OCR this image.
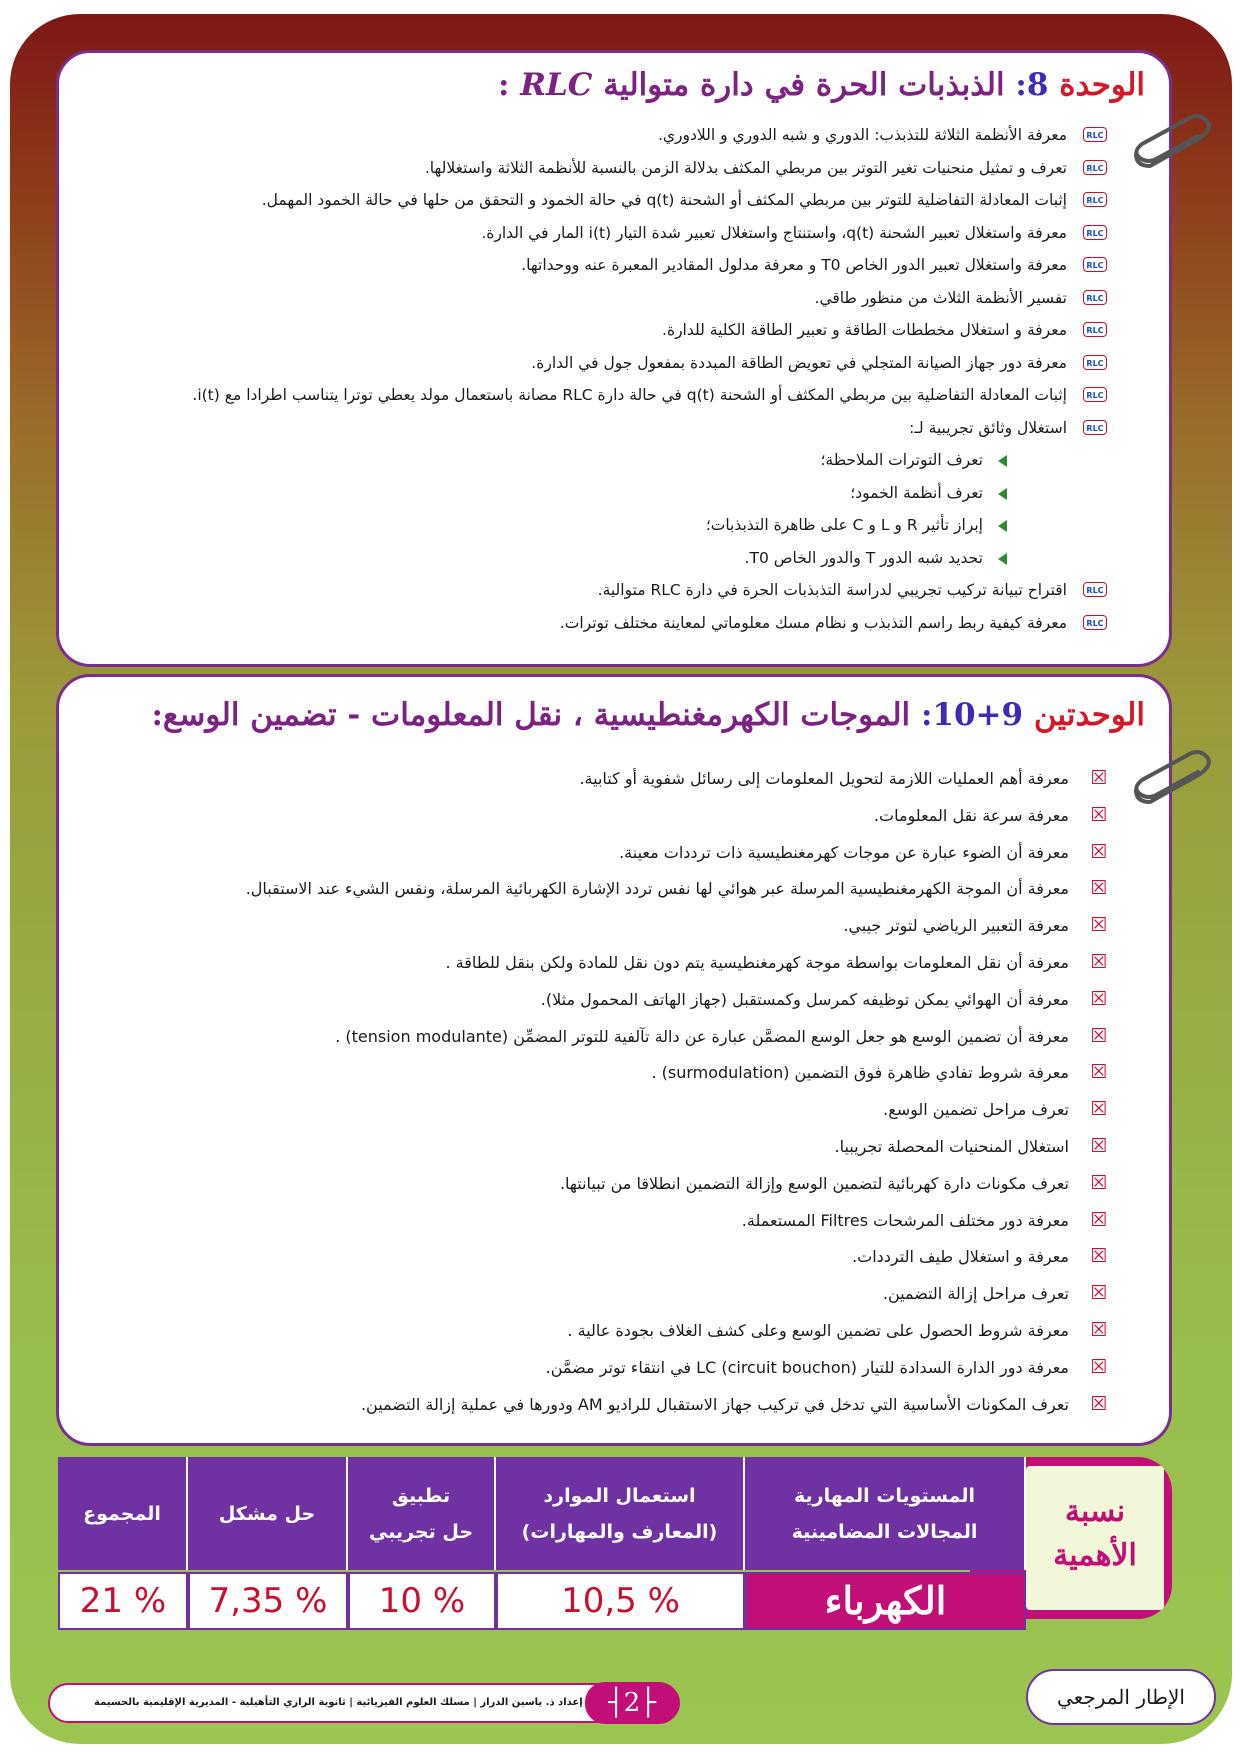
الوحدة 8: الذبذبات الحرة في دارة متوالية RLC :
RLC
معرفة الأنظمة الثلاثة للتذبذب: الدوري و شبه الدوري و اللادوري.
RLC
تعرف و تمثيل منحنيات تغير التوتر بين مربطي المكثف بدلالة الزمن بالنسبة للأنظمة الثلاثة واستغلالها.
RLC
إثبات المعادلة التفاضلية للتوتر بين مربطي المكثف أو الشحنة q(t) في حالة الخمود و التحقق من حلها في حالة الخمود المهمل.
RLC
معرفة واستغلال تعبير الشحنة q(t)، واستنتاج واستغلال تعبير شدة التيار i(t) المار في الدارة.
RLC
معرفة واستغلال تعبير الدور الخاص T0 و معرفة مدلول المقادير المعبرة عنه ووحداتها.
RLC
تفسير الأنظمة الثلاث من منظور طاقي.
RLC
معرفة و استغلال مخططات الطاقة و تعبير الطاقة الكلية للدارة.
RLC
معرفة دور جهاز الصيانة المتجلي في تعويض الطاقة المبددة بمفعول جول في الدارة.
RLC
إثبات المعادلة التفاضلية بين مربطي المكثف أو الشحنة q(t) في حالة دارة RLC مصانة باستعمال مولد يعطي توترا يتناسب اطرادا مع i(t).
RLC
استغلال وثائق تجريبية لـ:
تعرف التوترات الملاحظة؛
تعرف أنظمة الخمود؛
إبراز تأثير R و L و C على ظاهرة التذبذبات؛
تحديد شبه الدور T والدور الخاص T0.
RLC
اقتراح تبيانة تركيب تجريبي لدراسة التذبذبات الحرة في دارة RLC متوالية.
RLC
معرفة كيفية ربط راسم التذبذب و نظام مسك معلوماتي لمعاينة مختلف توترات.
الوحدتين 9+10: الموجات الكهرمغنطيسية ، نقل المعلومات - تضمين الوسع:
☒
معرفة أهم العمليات اللازمة لتحويل المعلومات إلى رسائل شفوية أو كتابية.
☒
معرفة سرعة نقل المعلومات.
☒
معرفة أن الضوء عبارة عن موجات كهرمغنطيسية ذات ترددات معينة.
☒
معرفة أن الموجة الكهرمغنطيسية المرسلة عبر هوائي لها نفس تردد الإشارة الكهربائية المرسلة، ونفس الشيء عند الاستقبال.
☒
معرفة التعبير الرياضي لتوتر جيبي.
☒
معرفة أن نقل المعلومات بواسطة موجة كهرمغنطيسية يتم دون نقل للمادة ولكن بنقل للطاقة .
☒
معرفة أن الهوائي يمكن توظيفه كمرسل وكمستقبل (جهاز الهاتف المحمول مثلا).
☒
معرفة أن تضمين الوسع هو جعل الوسع المضمَّن عبارة عن دالة تآلفية للتوتر المضمِّن (tension modulante) .
☒
معرفة شروط تفادي ظاهرة فوق التضمين (surmodulation) .
☒
تعرف مراحل تضمين الوسع.
☒
استغلال المنحنيات المحصلة تجريبيا.
☒
تعرف مكونات دارة كهربائية لتضمين الوسع وإزالة التضمين انطلاقا من تبيانتها.
☒
معرفة دور مختلف المرشحات Filtres المستعملة.
☒
معرفة و استغلال طيف الترددات.
☒
تعرف مراحل إزالة التضمين.
☒
معرفة شروط الحصول على تضمين الوسع وعلى كشف الغلاف بجودة عالية .
☒
معرفة دور الدارة السدادة للتيار LC (circuit bouchon) في انتقاء توتر مضمَّن.
☒
تعرف المكونات الأساسية التي تدخل في تركيب جهاز الاستقبال للراديو AM ودورها في عملية إزالة التضمين.
نسبة
الأهمية
المستويات المهارية
المجالات المضامينية
استعمال الموارد
(المعارف والمهارات)
تطبيق
حل تجريبي
حل مشكل
المجموع
الكهرباء
10,5 %
10 %
7,35 %
21 %
إعداد ذ. ياسين الدراز | مسلك العلوم الفيزيائية | ثانوية الرازي التأهيلية - المديرية الإقليمية بالحسيمة ┤2├	الإطار المرجعي
